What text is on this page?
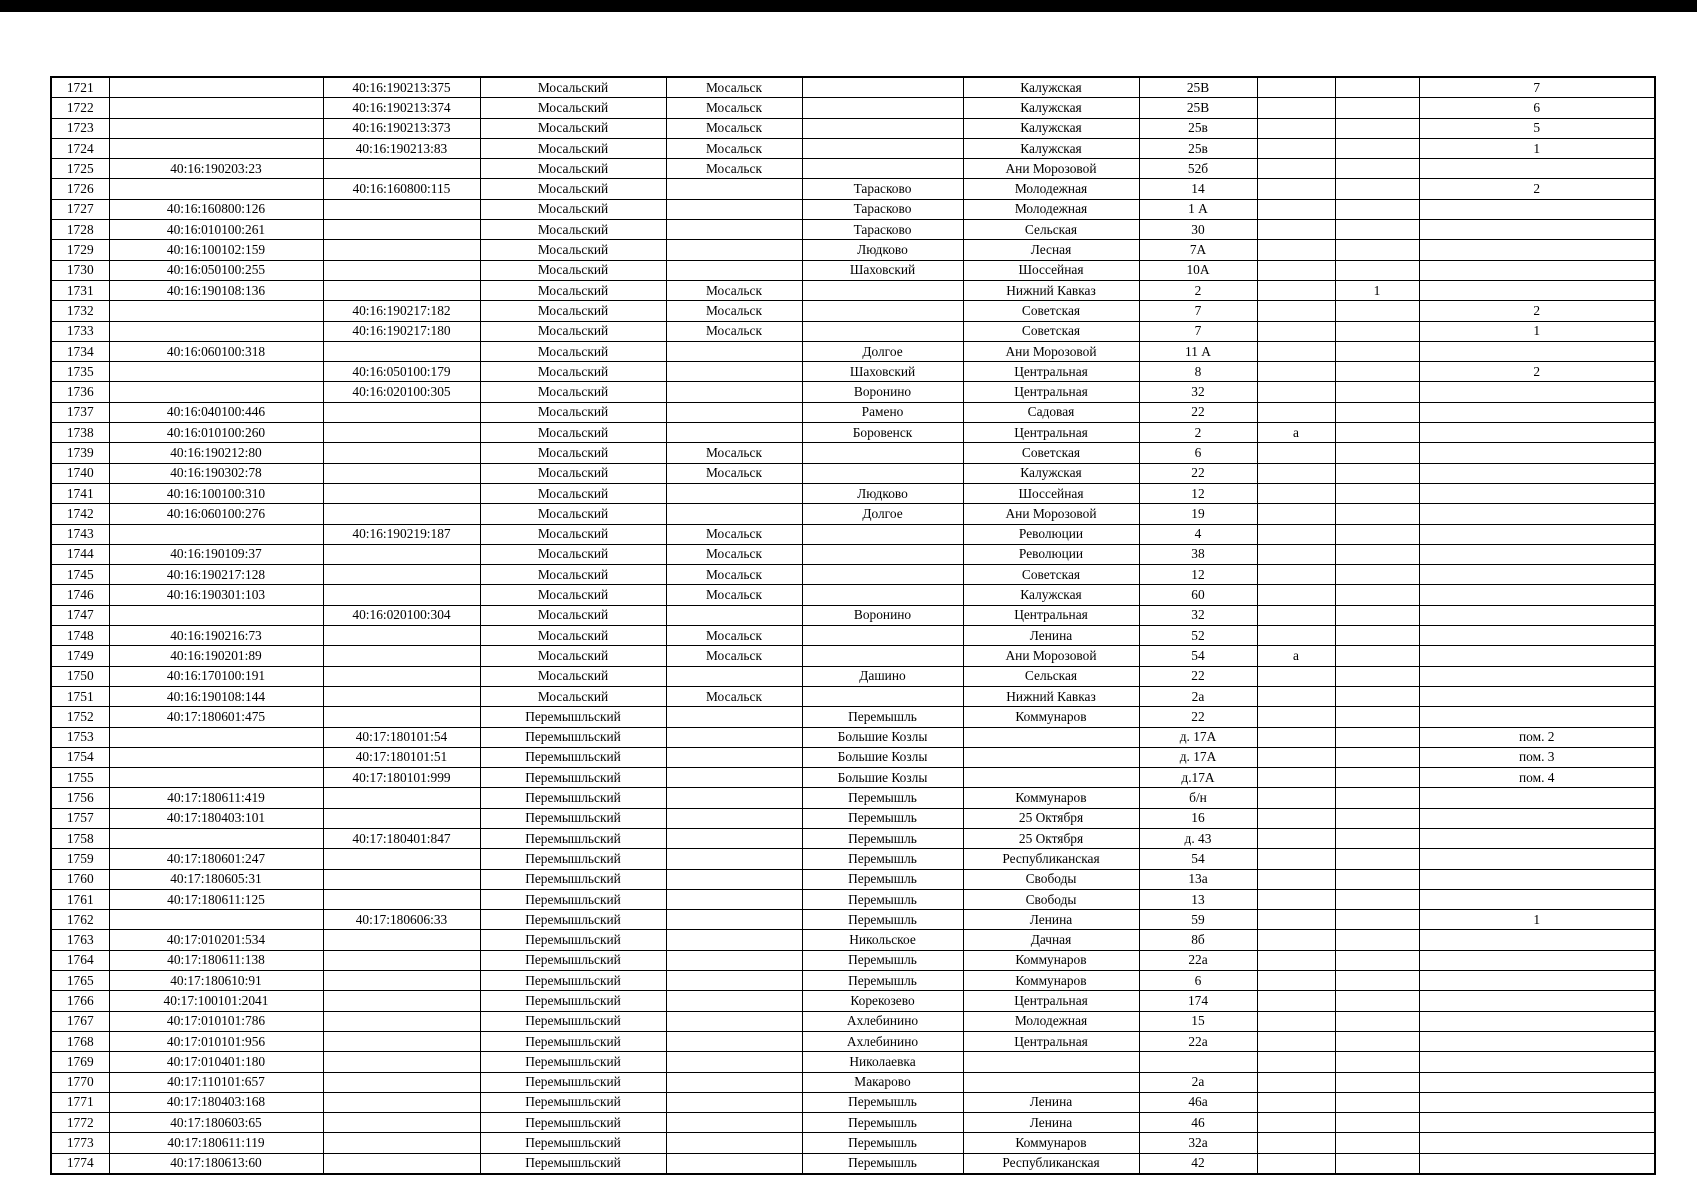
1721		40:16:190213:375	Мосальский	Мосальск		Калужская	25В			7
1722		40:16:190213:374	Мосальский	Мосальск		Калужская	25В			6
1723		40:16:190213:373	Мосальский	Мосальск		Калужская	25в			5
1724		40:16:190213:83	Мосальский	Мосальск		Калужская	25в			1
1725	40:16:190203:23		Мосальский	Мосальск		Ани Морозовой	52б			
1726		40:16:160800:115	Мосальский		Тарасково	Молодежная	14			2
1727	40:16:160800:126		Мосальский		Тарасково	Молодежная	1 А			
1728	40:16:010100:261		Мосальский		Тарасково	Сельская	30			
1729	40:16:100102:159		Мосальский		Людково	Лесная	7А			
1730	40:16:050100:255		Мосальский		Шаховский	Шоссейная	10А			
1731	40:16:190108:136		Мосальский	Мосальск		Нижний Кавказ	2		1	
1732		40:16:190217:182	Мосальский	Мосальск		Советская	7			2
1733		40:16:190217:180	Мосальский	Мосальск		Советская	7			1
1734	40:16:060100:318		Мосальский		Долгое	Ани Морозовой	11 А			
1735		40:16:050100:179	Мосальский		Шаховский	Центральная	8			2
1736		40:16:020100:305	Мосальский		Воронино	Центральная	32			
1737	40:16:040100:446		Мосальский		Рамено	Садовая	22			
1738	40:16:010100:260		Мосальский		Боровенск	Центральная	2	а		
1739	40:16:190212:80		Мосальский	Мосальск		Советская	6			
1740	40:16:190302:78		Мосальский	Мосальск		Калужская	22			
1741	40:16:100100:310		Мосальский		Людково	Шоссейная	12			
1742	40:16:060100:276		Мосальский		Долгое	Ани Морозовой	19			
1743		40:16:190219:187	Мосальский	Мосальск		Революции	4			
1744	40:16:190109:37		Мосальский	Мосальск		Революции	38			
1745	40:16:190217:128		Мосальский	Мосальск		Советская	12			
1746	40:16:190301:103		Мосальский	Мосальск		Калужская	60			
1747		40:16:020100:304	Мосальский		Воронино	Центральная	32			
1748	40:16:190216:73		Мосальский	Мосальск		Ленина	52			
1749	40:16:190201:89		Мосальский	Мосальск		Ани Морозовой	54	а		
1750	40:16:170100:191		Мосальский		Дашино	Сельская	22			
1751	40:16:190108:144		Мосальский	Мосальск		Нижний Кавказ	2а			
1752	40:17:180601:475		Перемышльский		Перемышль	Коммунаров	22			
1753		40:17:180101:54	Перемышльский		Большие Козлы		д. 17А			пом. 2
1754		40:17:180101:51	Перемышльский		Большие Козлы		д. 17А			пом. 3
1755		40:17:180101:999	Перемышльский		Большие Козлы		д.17А			пом. 4
1756	40:17:180611:419		Перемышльский		Перемышль	Коммунаров	б/н			
1757	40:17:180403:101		Перемышльский		Перемышль	25 Октября	16			
1758		40:17:180401:847	Перемышльский		Перемышль	25 Октября	д. 43			
1759	40:17:180601:247		Перемышльский		Перемышль	Республиканская	54			
1760	40:17:180605:31		Перемышльский		Перемышль	Свободы	13а			
1761	40:17:180611:125		Перемышльский		Перемышль	Свободы	13			
1762		40:17:180606:33	Перемышльский		Перемышль	Ленина	59			1
1763	40:17:010201:534		Перемышльский		Никольское	Дачная	8б			
1764	40:17:180611:138		Перемышльский		Перемышль	Коммунаров	22а			
1765	40:17:180610:91		Перемышльский		Перемышль	Коммунаров	6			
1766	40:17:100101:2041		Перемышльский		Корекозево	Центральная	174			
1767	40:17:010101:786		Перемышльский		Ахлебинино	Молодежная	15			
1768	40:17:010101:956		Перемышльский		Ахлебинино	Центральная	22а			
1769	40:17:010401:180		Перемышльский		Николаевка					
1770	40:17:110101:657		Перемышльский		Макарово		2а			
1771	40:17:180403:168		Перемышльский		Перемышль	Ленина	46а			
1772	40:17:180603:65		Перемышльский		Перемышль	Ленина	46			
1773	40:17:180611:119		Перемышльский		Перемышль	Коммунаров	32а			
1774	40:17:180613:60		Перемышльский		Перемышль	Республиканская	42			
